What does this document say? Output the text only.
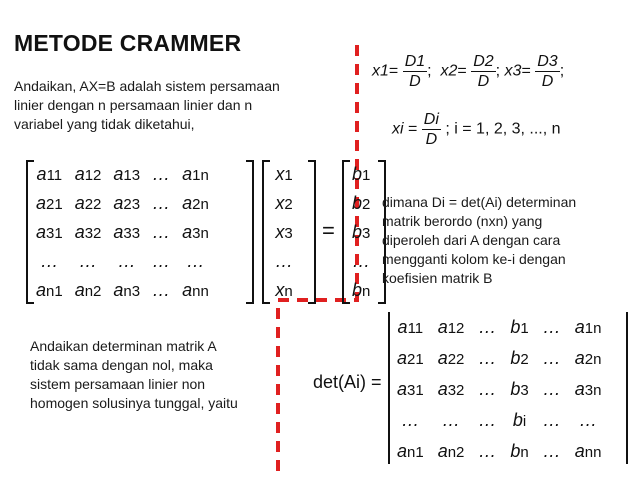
METODE CRAMMER
Andaikan, AX=B adalah sistem persamaan
linier dengan n persamaan linier dan n
variabel yang tidak diketahui,
$x1= \frac{D1}{D}$ ;  $x2= \frac{D2}{D}$ ; $x3= \frac{D3}{D}$ ;
xi = $\frac{Di}{D}$ ; i = 1, 2, 3, ..., n
a11	a12	a13	…	a1n
a21	a22	a23	…	a2n
a31	a32	a33	…	a3n
…	…	…	…	…
an1	an2	an3	…	ann
x1
x2
x3
…
xn
=
b1
b2
b3
…
bn
dimana Di = det(Ai) determinan
matrik berordo (nxn) yang
diperoleh dari A dengan cara
mengganti kolom ke-i dengan
koefisien matrik B
Andaikan determinan matrik A
tidak sama dengan nol, maka
sistem persamaan linier non
homogen solusinya tunggal, yaitu
det(Ai) =
a11	a12	…	b1	…	a1n
a21	a22	…	b2	…	a2n
a31	a32	…	b3	…	a3n
…	…	…	bi	…	…
an1	an2	…	bn	…	ann
